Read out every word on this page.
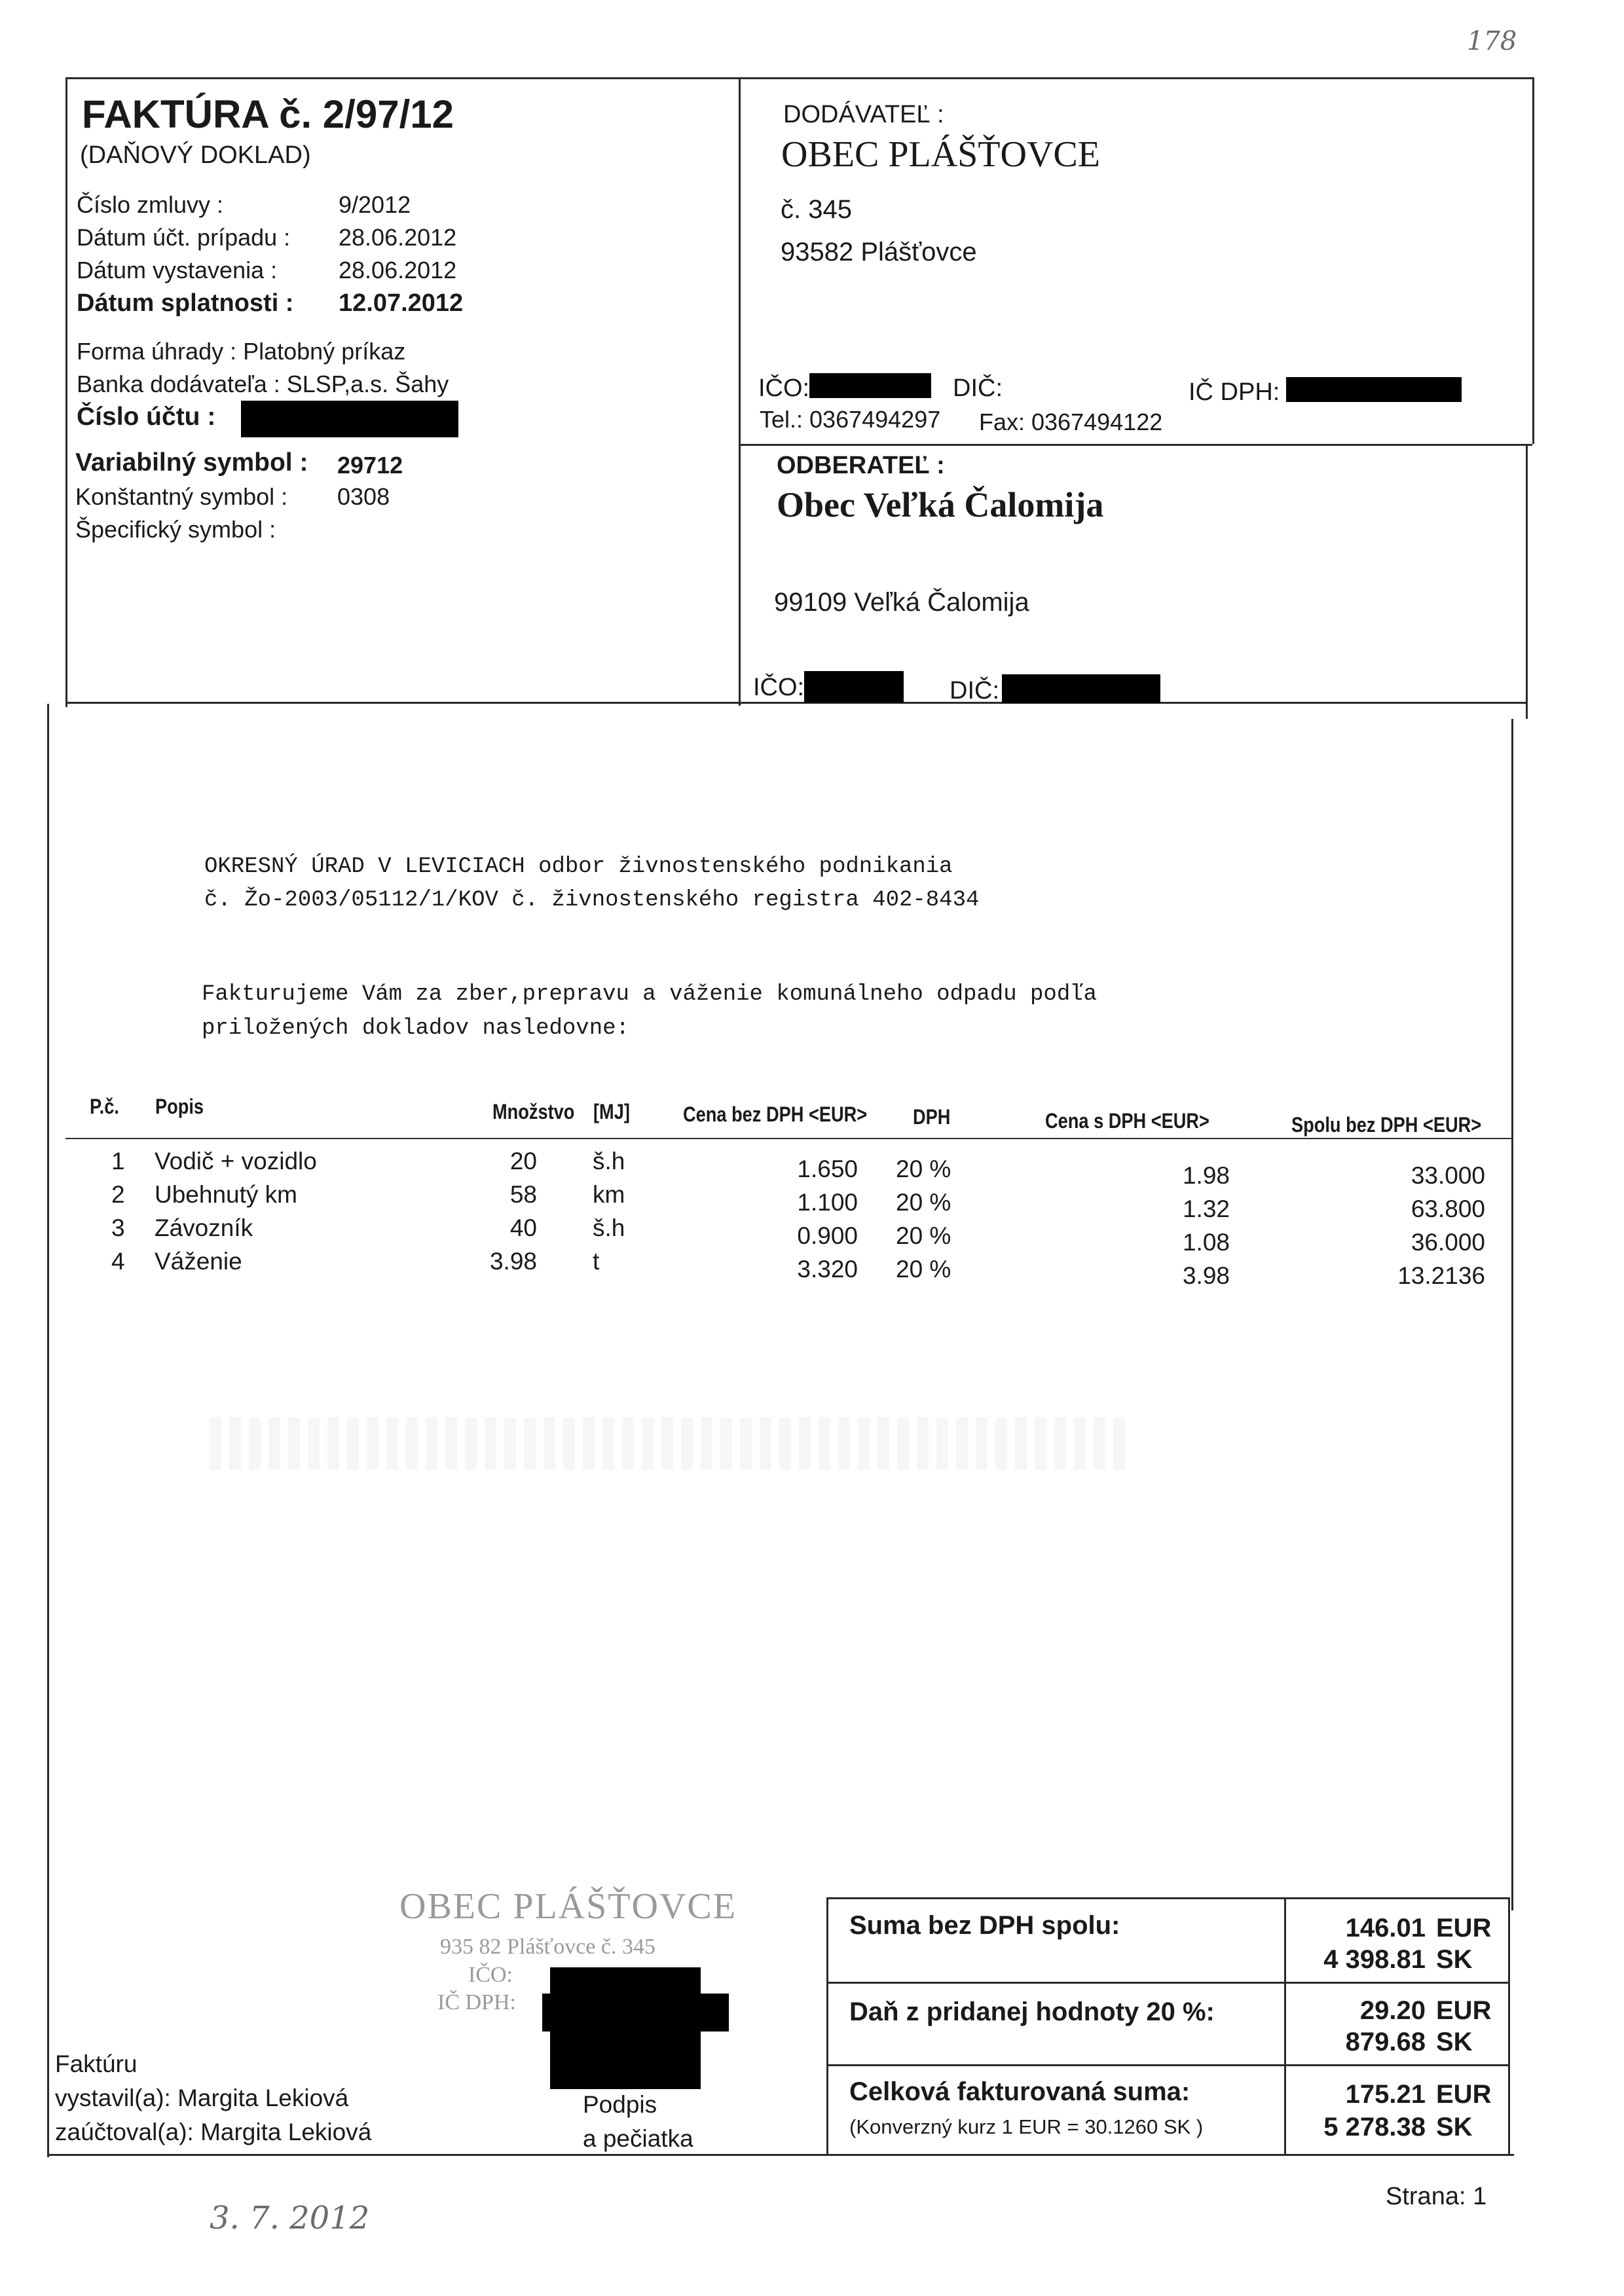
178
FAKTÚRA č. 2/97/12
(DAŇOVÝ DOKLAD)
Číslo zmluvy :	9/2012
Dátum účt. prípadu : 28.06.2012
Dátum vystavenia :	28.06.2012
Dátum splatnosti : 12.07.2012
Forma úhrady : Platobný príkaz
Banka dodávateľa : SLSP,a.s. Šahy
Číslo účtu :
Variabilný symbol : 29712
Konštantný symbol : 0308
Špecifický symbol :
DODÁVATEĽ :
OBEC PLÁŠŤOVCE
č. 345
93582 Plášťovce
IČO:	DIČ:	IČ DPH:
Tel.: 0367494297 Fax: 0367494122
ODBERATEĽ :
Obec Veľká Čalomija
99109 Veľká Čalomija
IČO:	DIČ:
OKRESNÝ ÚRAD V LEVICIACH odbor živnostenského podnikania
č. Žo-2003/05112/1/KOV č. živnostenského registra 402-8434
Fakturujeme Vám za zber,prepravu a váženie komunálneho odpadu podľa
priložených dokladov nasledovne:
P.č. Popis	Množstvo [MJ]	Cena bez DPH <EUR> DPH	Cena s DPH <EUR>	Spolu bez DPH <EUR>
1 Vodič + vozidlo	20 š.h	1.650 20 %	1.98	33.000
2 Ubehnutý km	58 km	1.100 20 %	1.32	63.800
3 Závozník	40 š.h	0.900 20 %	1.08	36.000
4 Váženie	3.98 t	3.320 20 %	3.98	13.2136
OBEC PLÁŠŤOVCE
935 82 Plášťovce č. 345
IČO:
IČ DPH:
Faktúru
vystavil(a): Margita Lekiová
zaúčtoval(a): Margita Lekiová
Podpis
a pečiatka
Suma bez DPH spolu:	146.01 EUR
4 398.81 SK
Daň z pridanej hodnoty 20 %:	29.20 EUR
879.68 SK
Celková fakturovaná suma:
(Konverzný kurz 1 EUR = 30.1260 SK )
175.21 EUR
5 278.38 SK
Strana: 1
3. 7. 2012
